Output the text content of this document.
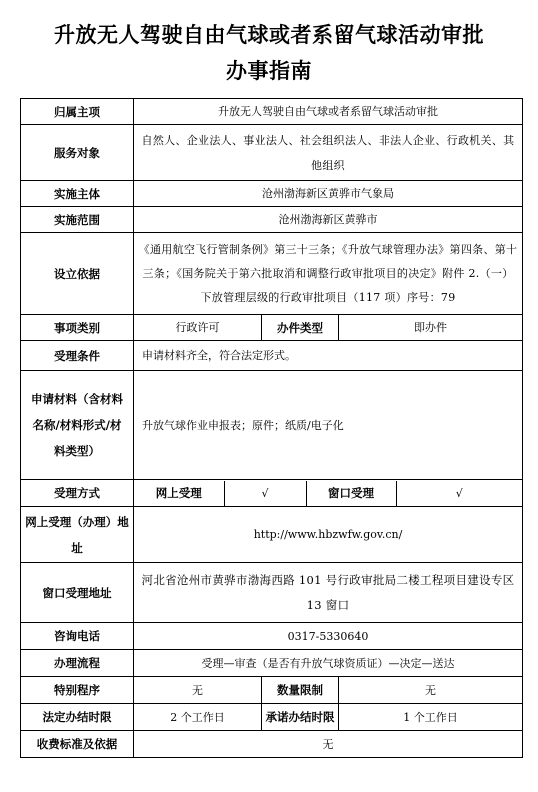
升放无人驾驶自由气球或者系留气球活动审批
办事指南
归属主项	升放无人驾驶自由气球或者系留气球活动审批
服务对象	自然人、企业法人、事业法人、社会组织法人、非法人企业、行政机关、其他组织
实施主体	沧州渤海新区黄骅市气象局
实施范围	沧州渤海新区黄骅市
设立依据	《通用航空飞行管制条例》第三十三条；《升放气球管理办法》第四条、第十三条；《国务院关于第六批取消和调整行政审批项目的决定》附件 2.（一）下放管理层级的行政审批项目（117 项）序号：79
事项类别	行政许可	办件类型	即办件
受理条件	申请材料齐全，符合法定形式。
申请材料（含材料名称/材料形式/材料类型）	升放气球作业申报表；原件；纸质/电子化
受理方式		网上受理	√	窗口受理	√

网上受理（办理）地址	http://www.hbzwfw.gov.cn/
窗口受理地址	河北省沧州市黄骅市渤海西路 101 号行政审批局二楼工程项目建设专区 13 窗口
咨询电话	0317-5330640
办理流程	受理—审查（是否有升放气球资质证）—决定—送达
特别程序	无	数量限制	无
法定办结时限	2 个工作日	承诺办结时限	1 个工作日
收费标准及依据	无
